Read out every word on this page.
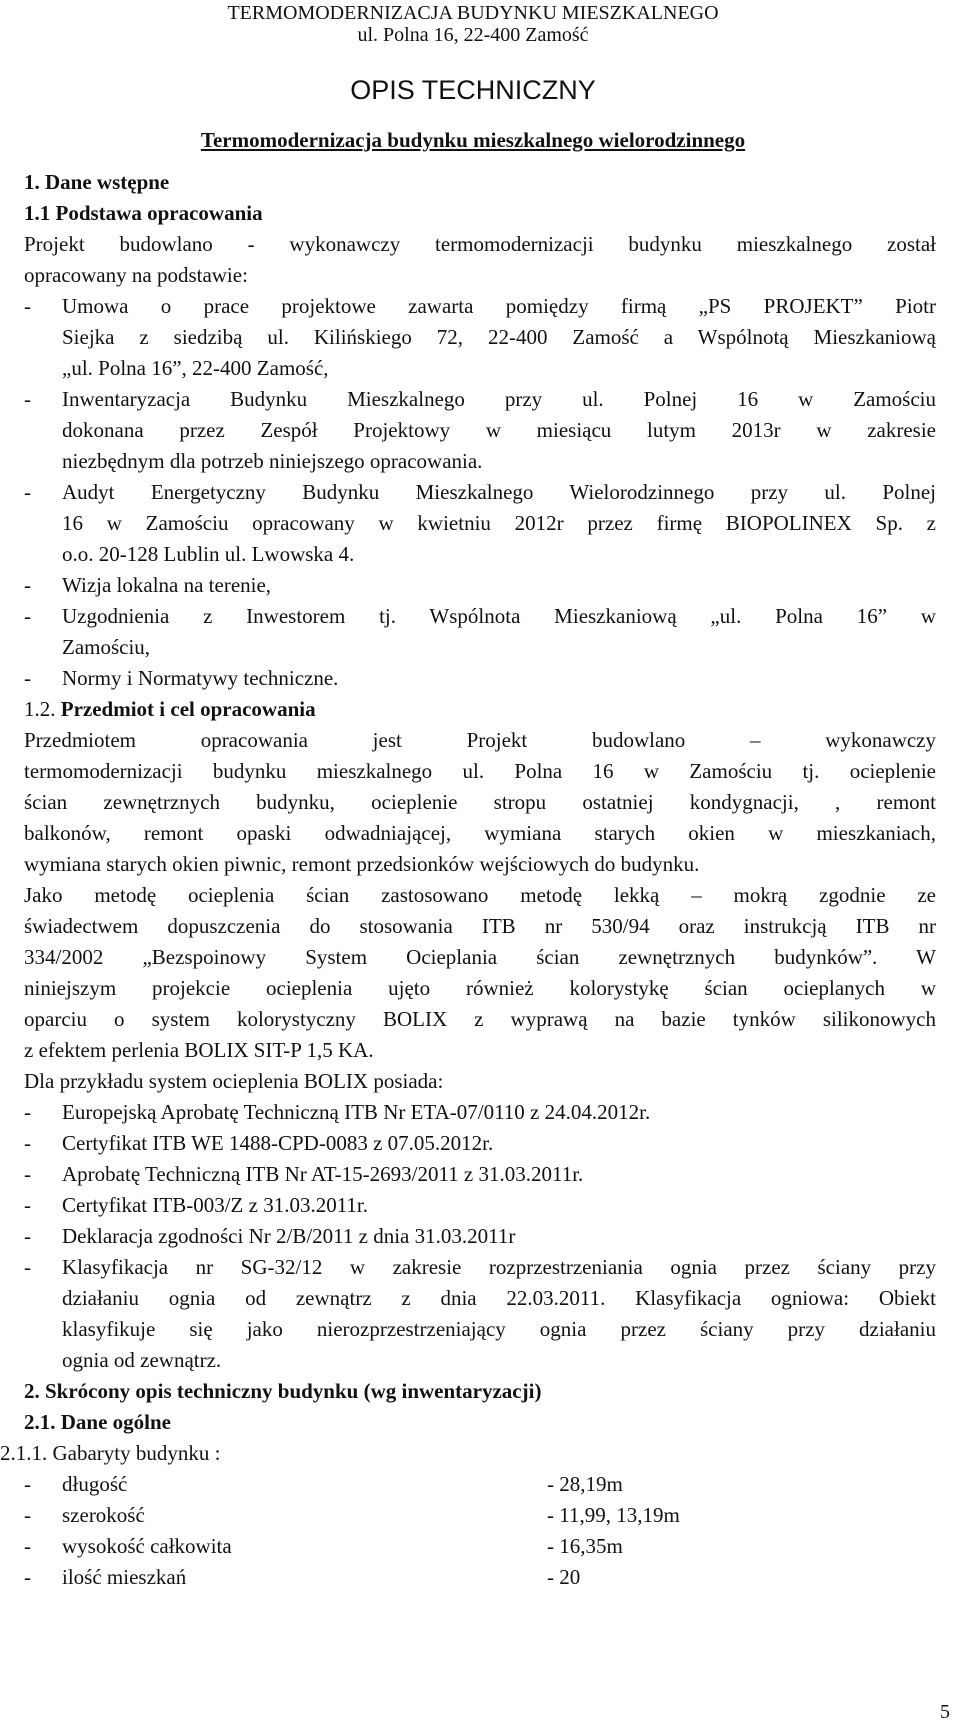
TERMOMODERNIZACJA BUDYNKU MIESZKALNEGO
ul. Polna 16, 22-400 Zamość
OPIS TECHNICZNY
Termomodernizacja budynku mieszkalnego wielorodzinnego
1. Dane wstępne
1.1 Podstawa opracowania
Projekt budowlano - wykonawczy termomodernizacji budynku mieszkalnego został
opracowany na podstawie:
- Umowa o prace projektowe zawarta pomiędzy firmą „PS PROJEKT” Piotr
Siejka z siedzibą ul. Kilińskiego 72, 22-400 Zamość a Wspólnotą Mieszkaniową
„ul. Polna 16”, 22-400 Zamość,
- Inwentaryzacja Budynku Mieszkalnego przy ul. Polnej 16 w Zamościu
dokonana przez Zespół Projektowy w miesiącu lutym 2013r w zakresie
niezbędnym dla potrzeb niniejszego opracowania.
- Audyt Energetyczny Budynku Mieszkalnego Wielorodzinnego przy ul. Polnej
16 w Zamościu opracowany w kwietniu 2012r przez firmę BIOPOLINEX Sp. z
o.o. 20-128 Lublin ul. Lwowska 4.
- Wizja lokalna na terenie,
- Uzgodnienia z Inwestorem tj. Wspólnota Mieszkaniową „ul. Polna 16” w
Zamościu,
- Normy i Normatywy techniczne.
1.2. Przedmiot i cel opracowania
Przedmiotem opracowania jest Projekt budowlano – wykonawczy
termomodernizacji budynku mieszkalnego ul. Polna 16 w Zamościu tj. ocieplenie
ścian zewnętrznych budynku, ocieplenie stropu ostatniej kondygnacji, , remont
balkonów, remont opaski odwadniającej, wymiana starych okien w mieszkaniach,
wymiana starych okien piwnic, remont przedsionków wejściowych do budynku.
Jako metodę ocieplenia ścian zastosowano metodę lekką – mokrą zgodnie ze
świadectwem dopuszczenia do stosowania ITB nr 530/94 oraz instrukcją ITB nr
334/2002 „Bezspoinowy System Ocieplania ścian zewnętrznych budynków”. W
niniejszym projekcie ocieplenia ujęto również kolorystykę ścian ocieplanych w
oparciu o system kolorystyczny BOLIX z wyprawą na bazie tynków silikonowych
z efektem perlenia BOLIX SIT-P 1,5 KA.
Dla przykładu system ocieplenia BOLIX posiada:
- Europejską Aprobatę Techniczną ITB Nr ETA-07/0110 z 24.04.2012r.
- Certyfikat ITB WE 1488-CPD-0083 z 07.05.2012r.
- Aprobatę Techniczną ITB Nr AT-15-2693/2011 z 31.03.2011r.
- Certyfikat ITB-003/Z z 31.03.2011r.
- Deklaracja zgodności Nr 2/B/2011 z dnia 31.03.2011r
- Klasyfikacja nr SG-32/12 w zakresie rozprzestrzeniania ognia przez ściany przy
działaniu ognia od zewnątrz z dnia 22.03.2011. Klasyfikacja ogniowa: Obiekt
klasyfikuje się jako nierozprzestrzeniający ognia przez ściany przy działaniu
ognia od zewnątrz.
2. Skrócony opis techniczny budynku (wg inwentaryzacji)
2.1. Dane ogólne
2.1.1. Gabaryty budynku :
- długość	- 28,19m
- szerokość	- 11,99, 13,19m
- wysokość całkowita	- 16,35m
- ilość mieszkań	- 20
5
